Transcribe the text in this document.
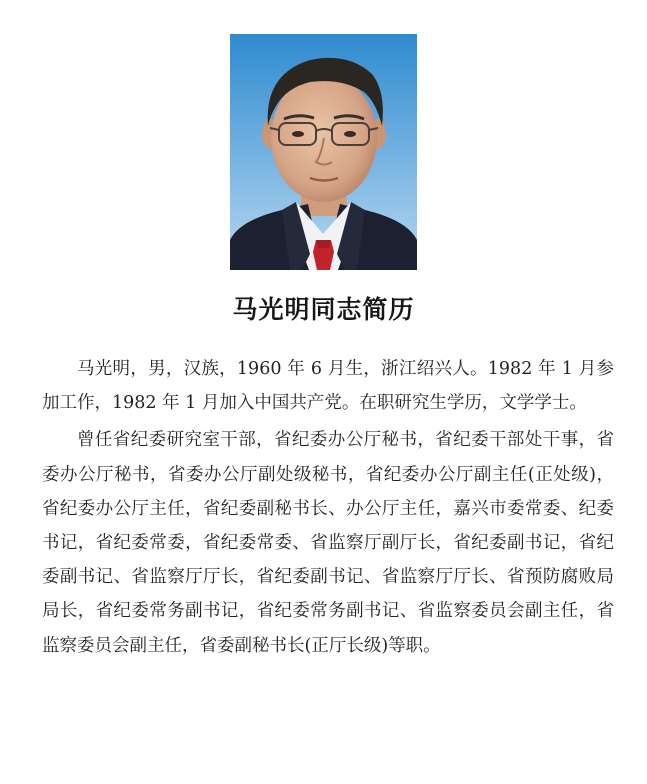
马光明同志简历

马光明，男，汉族，1960 年 6 月生，浙江绍兴人。1982 年 1 月参加工作，1982 年 1 月加入中国共产党。在职研究生学历，文学学士。

曾任省纪委研究室干部，省纪委办公厅秘书，省纪委干部处干事，省委办公厅秘书，省委办公厅副处级秘书，省纪委办公厅副主任(正处级)，省纪委办公厅主任，省纪委副秘书长、办公厅主任，嘉兴市委常委、纪委书记，省纪委常委，省纪委常委、省监察厅副厅长，省纪委副书记，省纪委副书记、省监察厅厅长，省纪委副书记、省监察厅厅长、省预防腐败局局长，省纪委常务副书记，省纪委常务副书记、省监察委员会副主任，省监察委员会副主任，省委副秘书长(正厅长级)等职。
